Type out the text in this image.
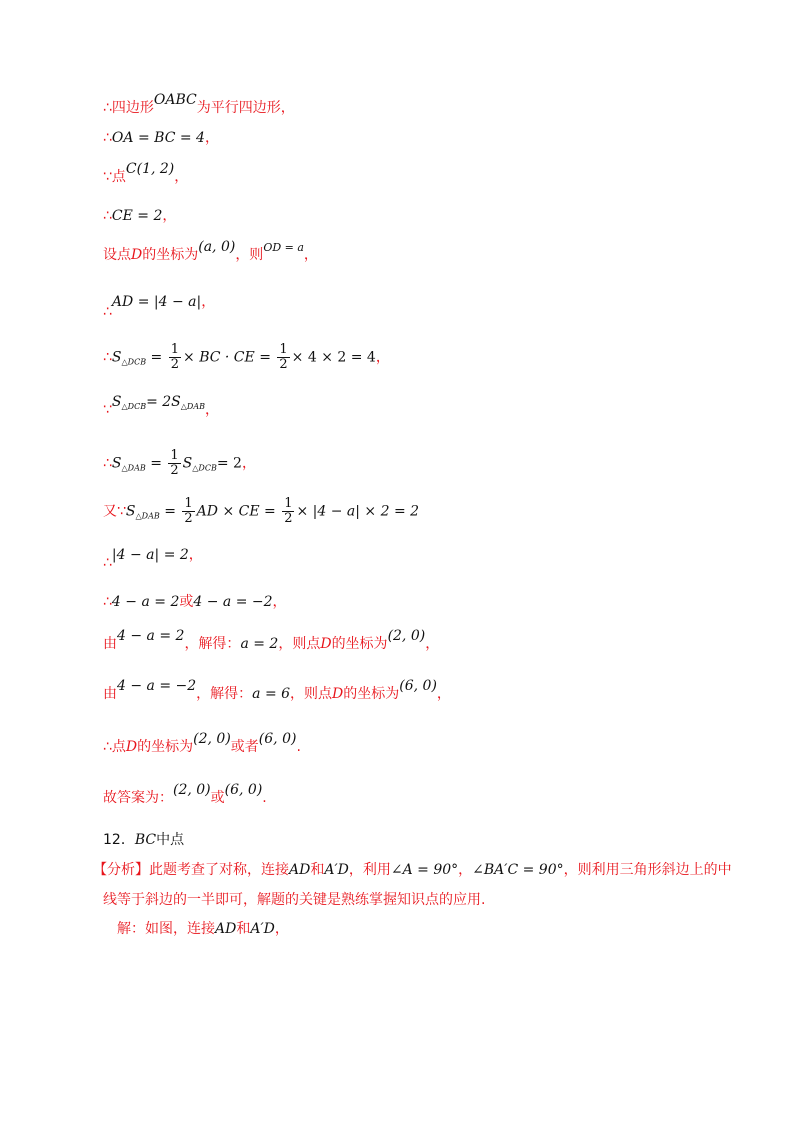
∴四边形OABC为平行四边形，
∴OA = BC = 4，
∵点C(1, 2)，
∴CE = 2，
设点D的坐标为(a, 0)，则$^{OD = a}$，
∴AD = |4 − a|，
$\therefore S_{\triangle DCB} = \frac{1}{2}$ × BC · CE = $\frac{1}{2} \times 4 \times 2 = 4$，
$\because S_{\triangle DCB}= 2S_{\triangle DAB}$，
$\therefore S_{\triangle DAB} = \frac{1}{2} S_{\triangle DCB}= 2$，
又$\because S_{\triangle DAB} = \frac{1}{2}$ AD × CE = $\frac{1}{2} \times |4 - a| \times 2 = 2$
∴|4 − a| = 2，
∴4 − a = 2或4 − a = −2，
由4 − a = 2，解得：a = 2，则点D的坐标为(2, 0)，
由4 − a = −2，解得：a = 6，则点D的坐标为(6, 0)，
∴点D的坐标为(2, 0)或者(6, 0).
故答案为：(2, 0)或(6, 0).
12．BC中点
【分析】此题考查了对称，连接AD和A′D，利用∠A = 90°，∠BA′C = 90°，则利用三角形斜边上的中
线等于斜边的一半即可，解题的关键是熟练掌握知识点的应用.
解：如图，连接AD和A′D，
